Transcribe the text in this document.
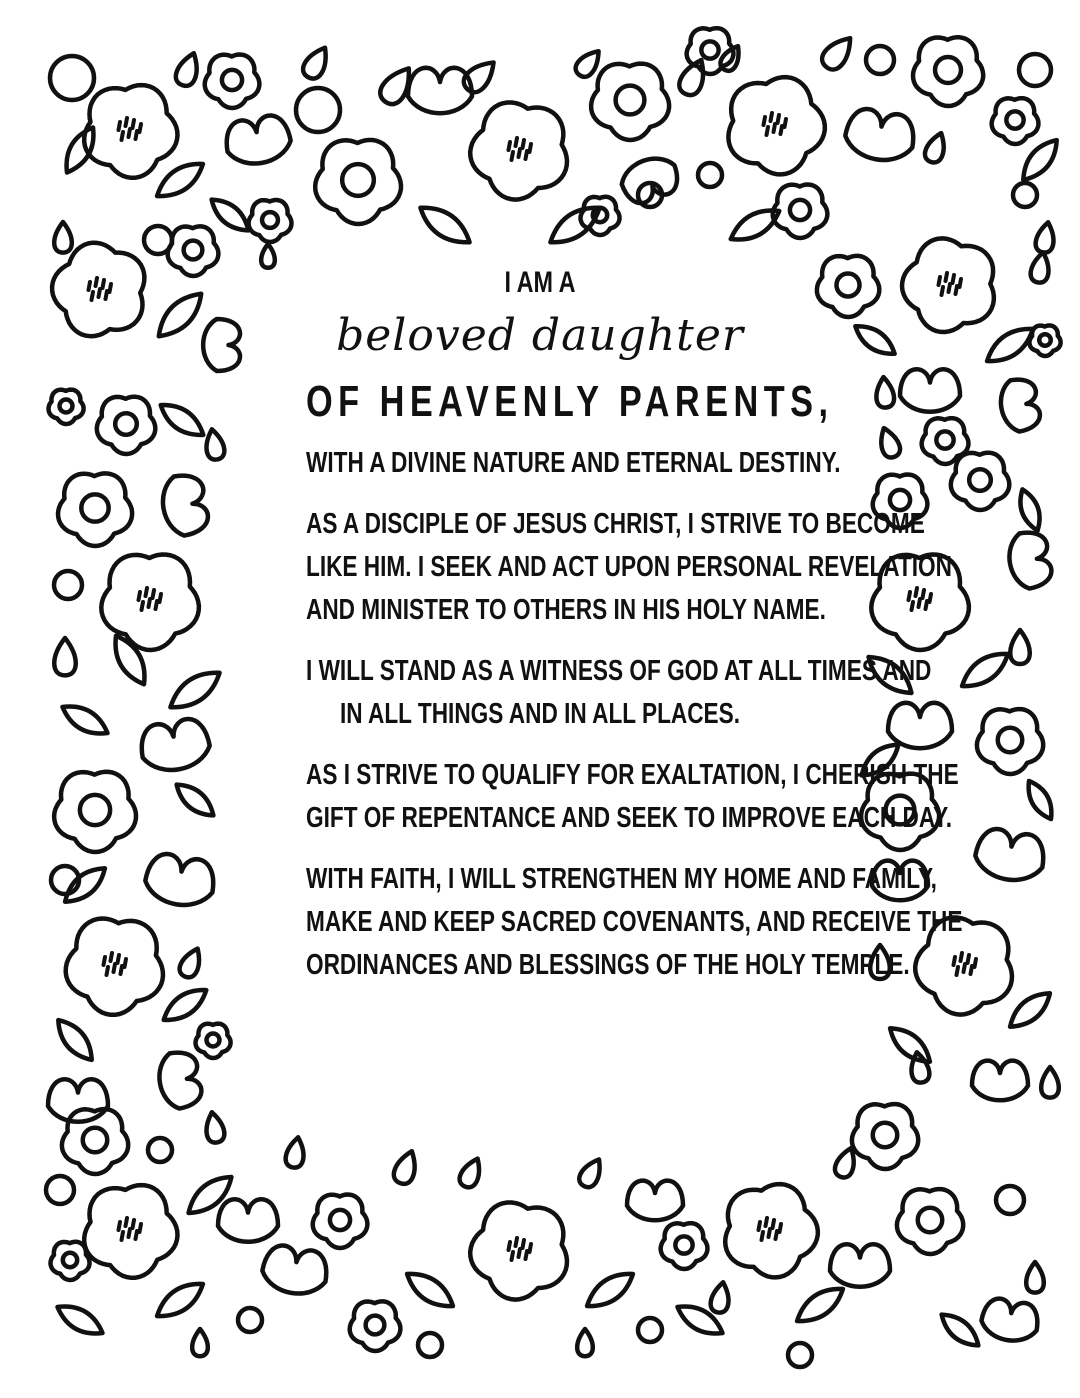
I AM A
beloved daughter
OF HEAVENLY PARENTS,
WITH A DIVINE NATURE AND ETERNAL DESTINY.
AS A DISCIPLE OF JESUS CHRIST, I STRIVE TO BECOME
LIKE HIM. I SEEK AND ACT UPON PERSONAL REVELATION
AND MINISTER TO OTHERS IN HIS HOLY NAME.
I WILL STAND AS A WITNESS OF GOD AT ALL TIMES AND
IN ALL THINGS AND IN ALL PLACES.
AS I STRIVE TO QUALIFY FOR EXALTATION, I CHERISH THE
GIFT OF REPENTANCE AND SEEK TO IMPROVE EACH DAY.
WITH FAITH, I WILL STRENGTHEN MY HOME AND FAMILY,
MAKE AND KEEP SACRED COVENANTS, AND RECEIVE THE
ORDINANCES AND BLESSINGS OF THE HOLY TEMPLE.
